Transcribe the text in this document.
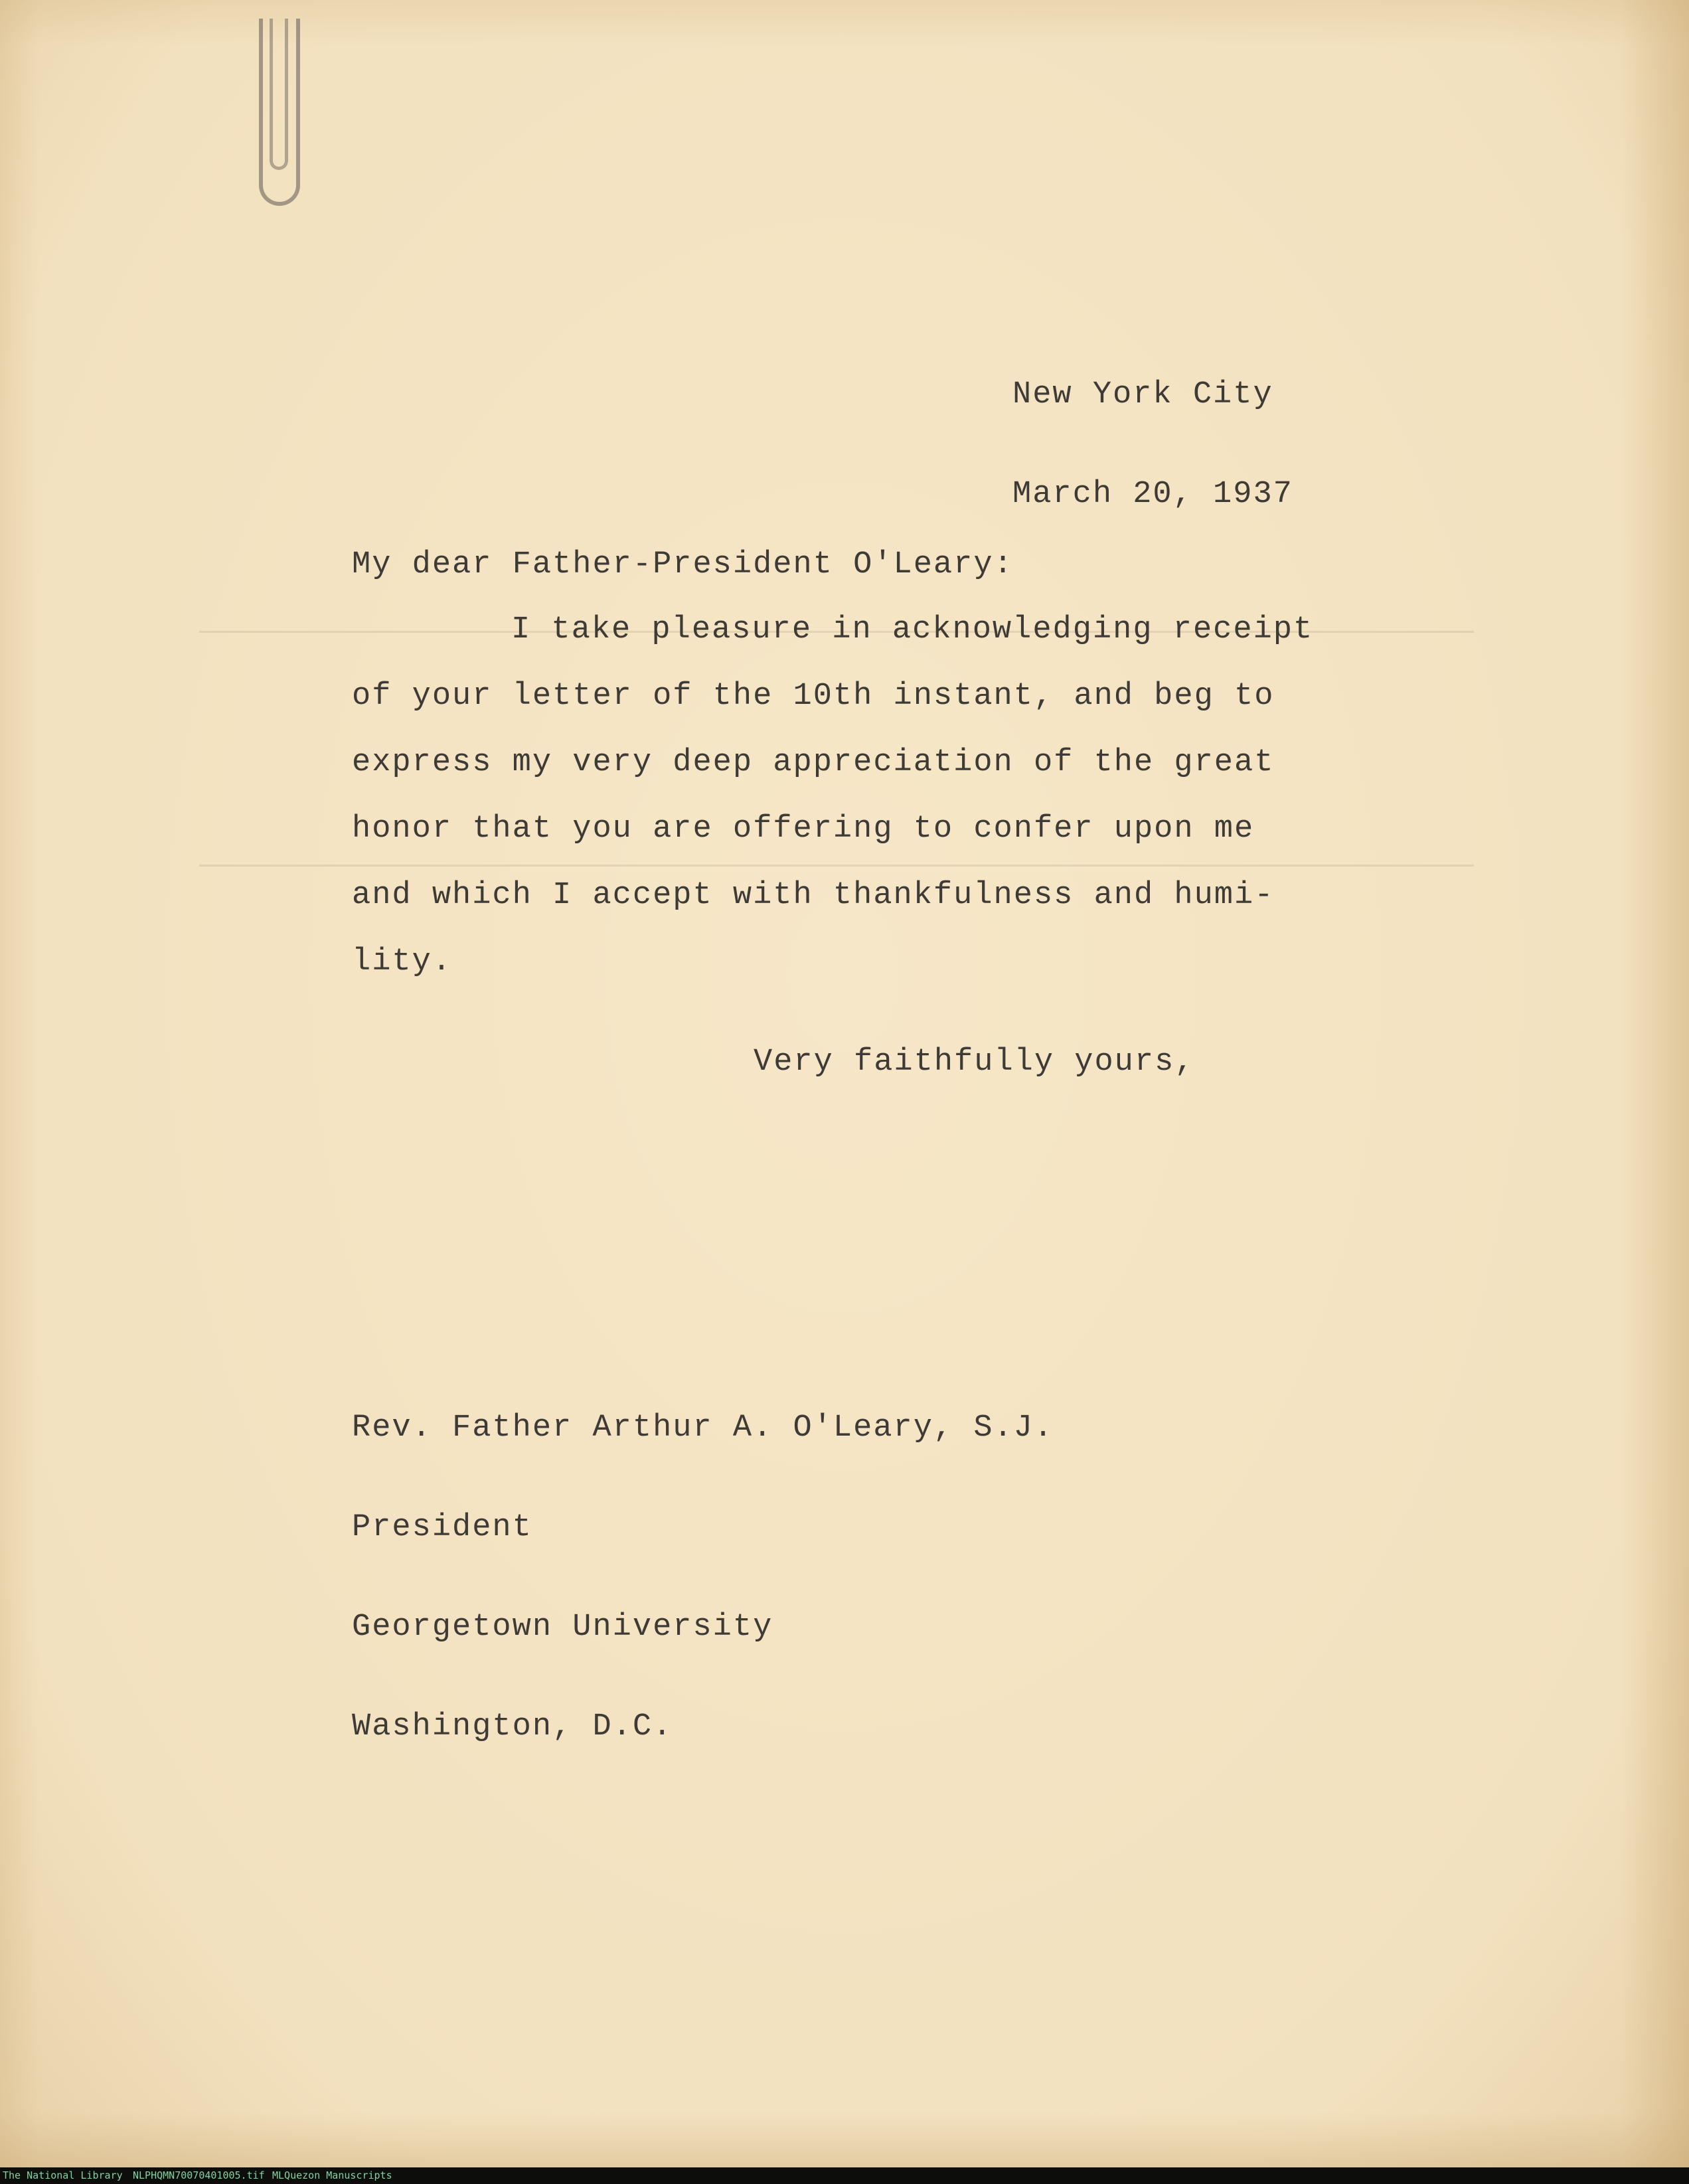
New York City

March 20, 1937

My dear Father-President O'Leary:
I take pleasure in acknowledging receipt
of your letter of the 10th instant, and beg to
express my very deep appreciation of the great
honor that you are offering to confer upon me
and which I accept with thankfulness and humi-
lity.
Very faithfully yours,

Rev. Father Arthur A. O'Leary, S.J.

President

Georgetown University

Washington, D.C.

The National Library NLPHQMN70070401005.tif MLQuezon Manuscripts
